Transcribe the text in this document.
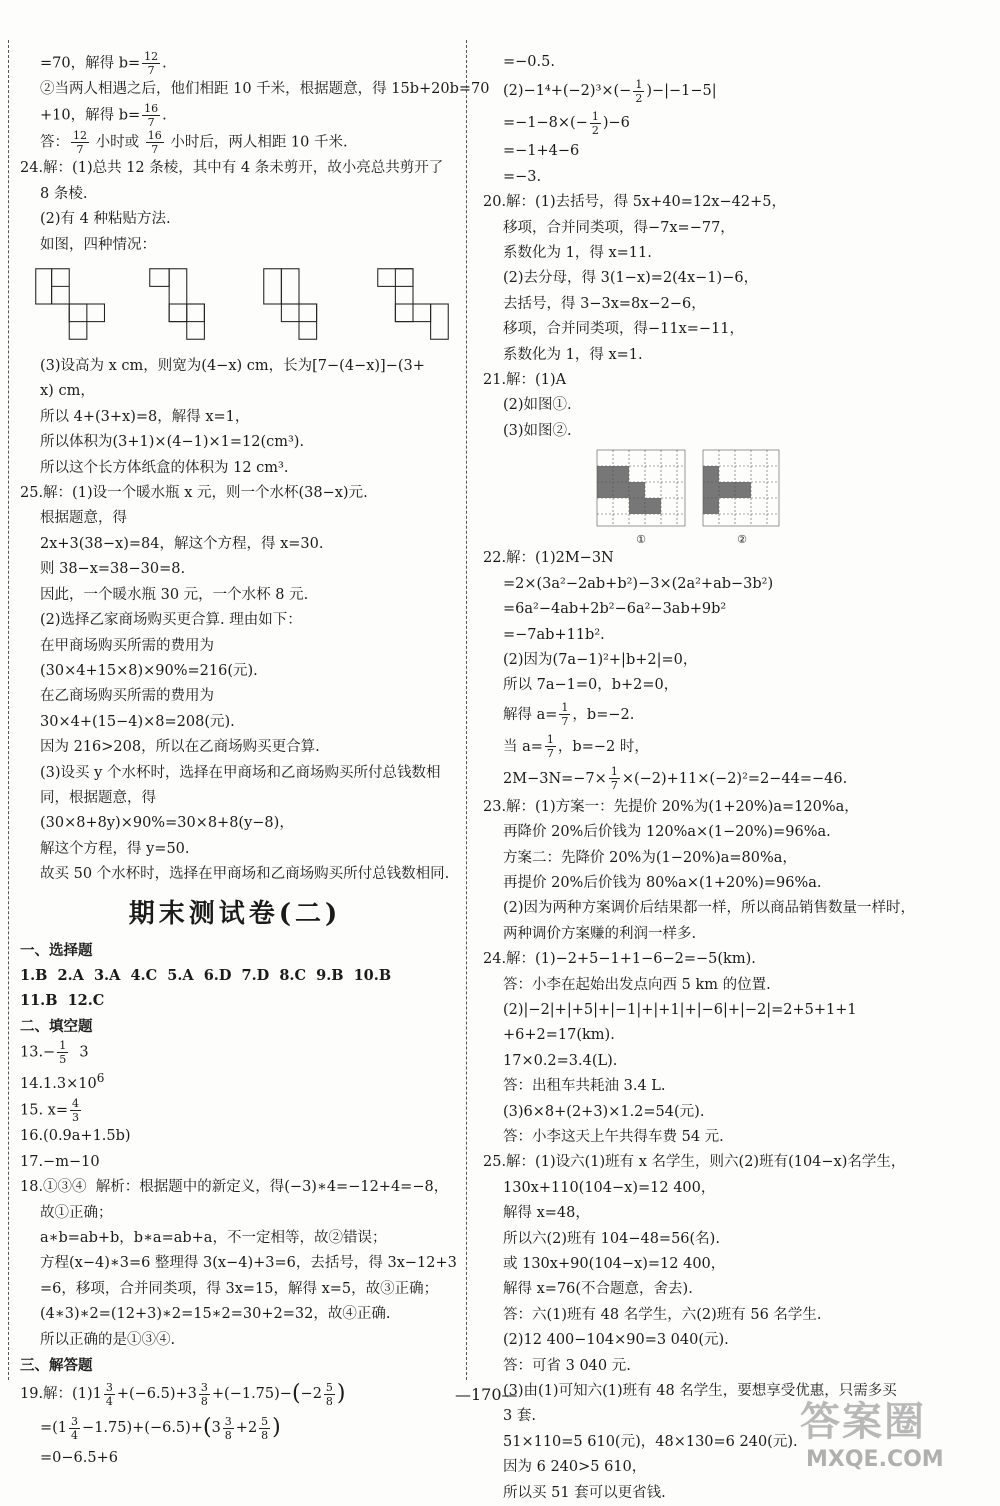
=70，解得 $b= \frac{12}{7}$ .
②当两人相遇之后，他们相距 10 千米，根据题意，得 15b+20b=70
+10，解得 $b= \frac{16}{7}$ .
答： $\frac{12}{7}$ 小时或 $\frac{16}{7}$ 小时后，两人相距 10 千米.
24.解：(1)总共 12 条棱，其中有 4 条未剪开，故小亮总共剪开了
8 条棱.
(2)有 4 种粘贴方法.
如图，四种情况：
(3)设高为 x cm，则宽为(4−x) cm，长为[7−(4−x)]−(3+
x) cm，
所以 4+(3+x)=8，解得 x=1，
所以体积为(3+1)×(4−1)×1=12(cm³).
所以这个长方体纸盒的体积为 12 cm³.
25.解：(1)设一个暖水瓶 x 元，则一个水杯(38−x)元.
根据题意，得
2x+3(38−x)=84，解这个方程，得 x=30.
则 38−x=38−30=8.
因此，一个暖水瓶 30 元，一个水杯 8 元.
(2)选择乙家商场购买更合算. 理由如下：
在甲商场购买所需的费用为
(30×4+15×8)×90%=216(元).
在乙商场购买所需的费用为
30×4+(15−4)×8=208(元).
因为 216>208，所以在乙商场购买更合算.
(3)设买 y 个水杯时，选择在甲商场和乙商场购买所付总钱数相
同，根据题意，得
(30×8+8y)×90%=30×8+8(y−8)，
解这个方程，得 y=50.
故买 50 个水杯时，选择在甲商场和乙商场购买所付总钱数相同.
期末测试卷(二)
一、选择题
1.B  2.A  3.A  4.C  5.A  6.D  7.D  8.C  9.B  10.B
11.B  12.C
二、填空题
$13.- \frac{1}{5} 3$
$14.1.3\times 10^6$
15. $x= \frac{4}{3}$
16.(0.9a+1.5b)
17.−m−10
18.①③④  解析：根据题中的新定义，得(−3)∗4=−12+4=−8，
故①正确；
a∗b=ab+b，b∗a=ab+a，不一定相等，故②错误；
方程(x−4)∗3=6 整理得 3(x−4)+3=6，去括号，得 3x−12+3
=6，移项，合并同类项，得 3x=15，解得 x=5，故③正确；
(4∗3)∗2=(12+3)∗2=15∗2=30+2=32，故④正确.
所以正确的是①③④.
三、解答题
19.解：$(1)1 \frac{3}{4} +(-6.5)+3 \frac{3}{8} +(-1.75)-(-2 \frac{5}{8}$ )
$=(1 \frac{3}{4} -1.75)+(-6.5)+(3 \frac{3}{8} +2 \frac{5}{8}$ )
=0−6.5+6
=−0.5.
$(2)-1^4+(-2)^3\times(- \frac{1}{2} )-|-1-5|$
$=-1-8\times(- \frac{1}{2} )-6$
=−1+4−6
=−3.
20.解：(1)去括号，得 5x+40=12x−42+5，
移项，合并同类项，得−7x=−77，
系数化为 1，得 x=11.
(2)去分母，得 3(1−x)=2(4x−1)−6，
去括号，得 3−3x=8x−2−6，
移项，合并同类项，得−11x=−11，
系数化为 1，得 x=1.
21.解：(1)A
(2)如图①.
(3)如图②.
①	②
22.解：(1)2M−3N
=2×(3a²−2ab+b²)−3×(2a²+ab−3b²)
=6a²−4ab+2b²−6a²−3ab+9b²
=−7ab+11b².
(2)因为(7a−1)²+|b+2|=0，
所以 7a−1=0，b+2=0，
解得 $a= \frac{1}{7}$ ，b=−2.
当 $a= \frac{1}{7}$ ，b=−2 时，
$2M-3N=-7\times \frac{1}{7} \times(-2)+11\times(-2)^2=2-44=-46$.
23.解：(1)方案一：先提价 20%为(1+20%)a=120%a，
再降价 20%后价钱为 120%a×(1−20%)=96%a.
方案二：先降价 20%为(1−20%)a=80%a，
再提价 20%后价钱为 80%a×(1+20%)=96%a.
(2)因为两种方案调价后结果都一样，所以商品销售数量一样时，
两种调价方案赚的利润一样多.
24.解：(1)−2+5−1+1−6−2=−5(km).
答：小李在起始出发点向西 5 km 的位置.
(2)|−2|+|+5|+|−1|+|+1|+|−6|+|−2|=2+5+1+1
+6+2=17(km).
17×0.2=3.4(L).
答：出租车共耗油 3.4 L.
(3)6×8+(2+3)×1.2=54(元).
答：小李这天上午共得车费 54 元.
25.解：(1)设六(1)班有 x 名学生，则六(2)班有(104−x)名学生，
130x+110(104−x)=12 400，
解得 x=48，
所以六(2)班有 104−48=56(名).
或 130x+90(104−x)=12 400，
解得 x=76(不合题意，舍去).
答：六(1)班有 48 名学生，六(2)班有 56 名学生.
(2)12 400−104×90=3 040(元).
答：可省 3 040 元.
(3)由(1)可知六(1)班有 48 名学生，要想享受优惠，只需多买
3 套.
51×110=5 610(元)，48×130=6 240(元).
因为 6 240>5 610，
所以买 51 套可以更省钱.
—170—
答案圈
MXQE.COM
